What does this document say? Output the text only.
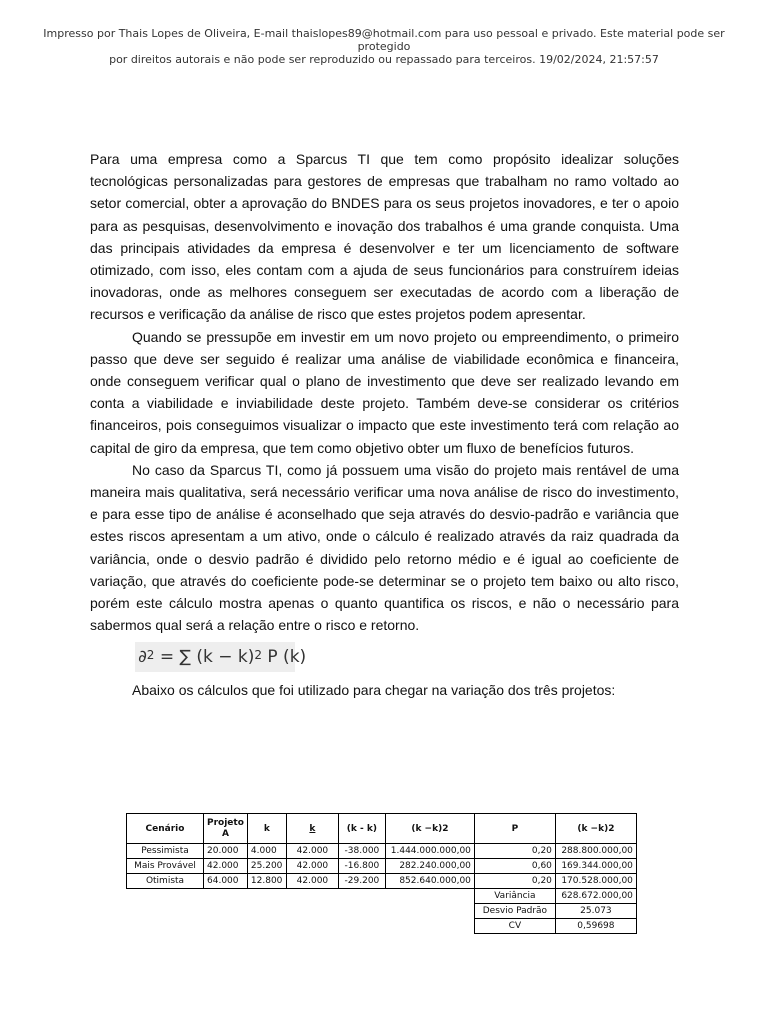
Impresso por Thais Lopes de Oliveira, E-mail thaislopes89@hotmail.com para uso pessoal e privado. Este material pode ser protegido
por direitos autorais e não pode ser reproduzido ou repassado para terceiros. 19/02/2024, 21:57:57

Para uma empresa como a Sparcus TI que tem como propósito idealizar soluções tecnológicas personalizadas para gestores de empresas que trabalham no ramo voltado ao setor comercial, obter a aprovação do BNDES para os seus projetos inovadores, e ter o apoio para as pesquisas, desenvolvimento e inovação dos trabalhos é uma grande conquista. Uma das principais atividades da empresa é desenvolver e ter um licenciamento de software otimizado, com isso, eles contam com a ajuda de seus funcionários para construírem ideias inovadoras, onde as melhores conseguem ser executadas de acordo com a liberação de recursos e verificação da análise de risco que estes projetos podem apresentar.

Quando se pressupõe em investir em um novo projeto ou empreendimento, o primeiro passo que deve ser seguido é realizar uma análise de viabilidade econômica e financeira, onde conseguem verificar qual o plano de investimento que deve ser realizado levando em conta a viabilidade e inviabilidade deste projeto. Também deve-se considerar os critérios financeiros, pois conseguimos visualizar o impacto que este investimento terá com relação ao capital de giro da empresa, que tem como objetivo obter um fluxo de benefícios futuros.

No caso da Sparcus TI, como já possuem uma visão do projeto mais rentável de uma maneira mais qualitativa, será necessário verificar uma nova análise de risco do investimento, e para esse tipo de análise é aconselhado que seja através do desvio-padrão e variância que estes riscos apresentam a um ativo, onde o cálculo é realizado através da raiz quadrada da variância, onde o desvio padrão é dividido pelo retorno médio e é igual ao coeficiente de variação, que através do coeficiente pode-se determinar se o projeto tem baixo ou alto risco, porém este cálculo mostra apenas o quanto quantifica os riscos, e não o necessário para sabermos qual será a relação entre o risco e retorno.

∂$^2$ = ∑ $(k - k)^2$ P (k)

Abaixo os cálculos que foi utilizado para chegar na variação dos três projetos:

Cenário	Projeto A	k	k	(k - k)	(k −k)2	P	(k −k)2
Pessimista	20.000	4.000	42.000	-38.000	1.444.000.000,00	0,20	288.800.000,00
Mais Provável	42.000	25.200	42.000	-16.800	282.240.000,00	0,60	169.344.000,00
Otimista	64.000	12.800	42.000	-29.200	852.640.000,00	0,20	170.528.000,00
						Variância	628.672.000,00
						Desvio Padrão	25.073
						CV	0,59698
